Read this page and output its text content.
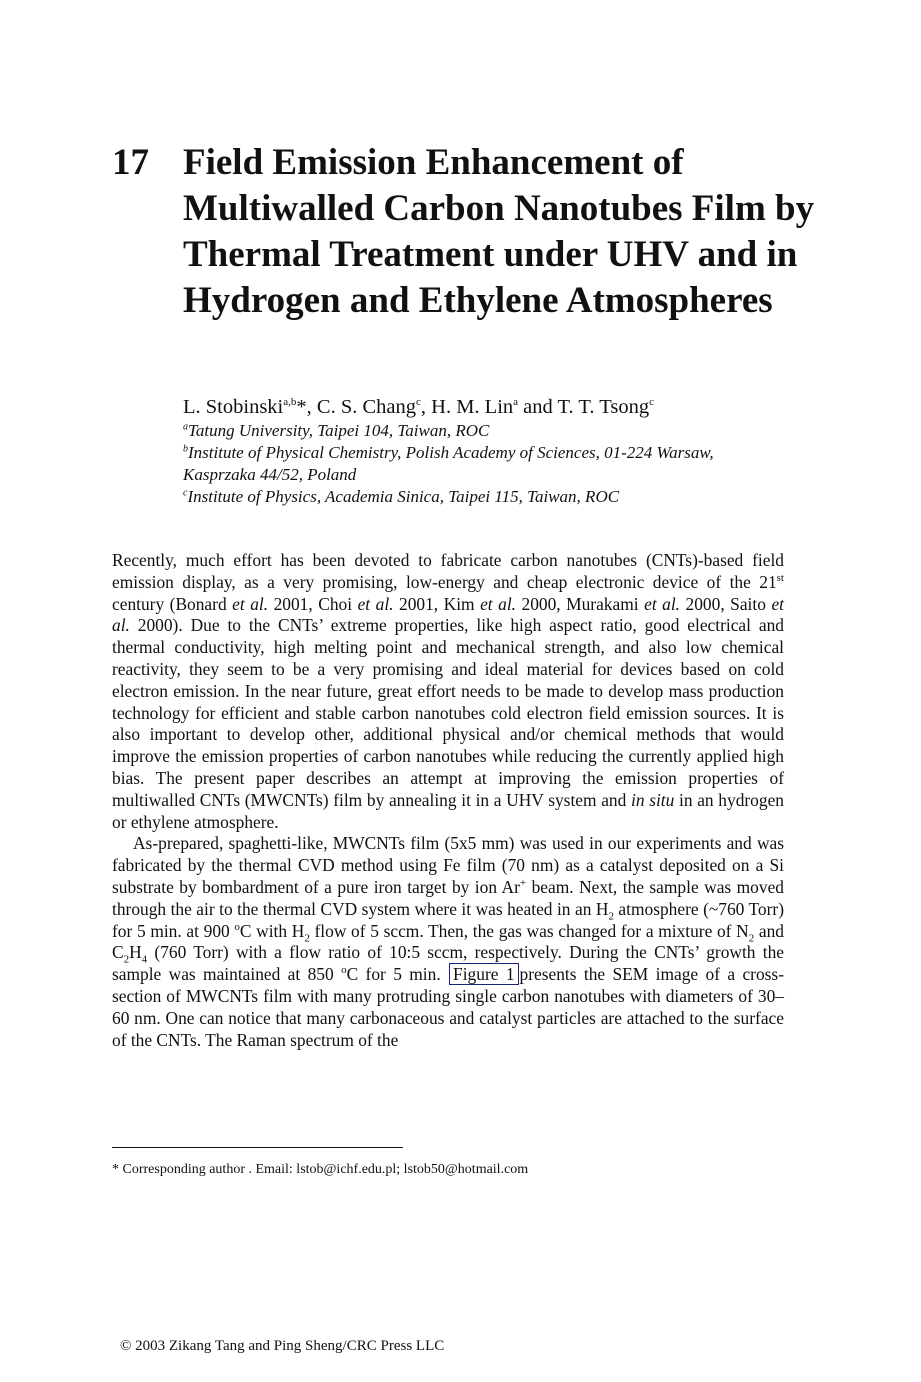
17 Field Emission Enhancement of Multiwalled Carbon Nanotubes Film by Thermal Treatment under UHV and in Hydrogen and Ethylene Atmospheres
L. Stobinski$^{a,b}$*, C. S. Chang$^c$, H. M. Lin$^a$ and T. T. Tsong$^c$

$^a$Tatung University, Taipei 104, Taiwan, ROC

$^b$Institute of Physical Chemistry, Polish Academy of Sciences, 01-224 Warsaw, Kasprzaka 44/52, Poland

$^c$Institute of Physics, Academia Sinica, Taipei 115, Taiwan, ROC

Recently, much effort has been devoted to fabricate carbon nanotubes (CNTs)-based field emission display, as a very promising, low-energy and cheap electronic device of the 21st century (Bonard et al. 2001, Choi et al. 2001, Kim et al. 2000, Murakami et al. 2000, Saito et al. 2000). Due to the CNTs’ extreme properties, like high aspect ratio, good electrical and thermal conductivity, high melting point and mechanical strength, and also low chemical reactivity, they seem to be a very promising and ideal material for devices based on cold electron emission. In the near future, great effort needs to be made to develop mass production technology for efficient and stable carbon nanotubes cold electron field emission sources. It is also important to develop other, additional physical and/or chemical methods that would improve the emission properties of carbon nanotubes while reducing the currently applied high bias. The present paper describes an attempt at improving the emission properties of multiwalled CNTs (MWCNTs) film by annealing it in a UHV system and in situ in an hydrogen or ethylene atmosphere.

As-prepared, spaghetti-like, MWCNTs film (5x5 mm) was used in our experiments and was fabricated by the thermal CVD method using Fe film (70 nm) as a catalyst deposited on a Si substrate by bombardment of a pure iron target by ion Ar+ beam. Next, the sample was moved through the air to the thermal CVD system where it was heated in an $H_2$ atmosphere (~760 Torr) for 5 min. at 900 $^o$C with $H_2$ flow of 5 sccm. Then, the gas was changed for a mixture of $N_2$ and $C_2H_4$ (760 Torr) with a flow ratio of 10:5 sccm, respectively. During the CNTs’ growth the sample was maintained at 850 $^o$C for 5 min. Figure 1 presents the SEM image of a cross-section of MWCNTs film with many protruding single carbon nanotubes with diameters of 30–60 nm. One can notice that many carbonaceous and catalyst particles are attached to the surface of the CNTs. The Raman spectrum of the

* Corresponding author . Email: lstob@ichf.edu.pl; lstob50@hotmail.com
© 2003 Zikang Tang and Ping Sheng/CRC Press LLC
